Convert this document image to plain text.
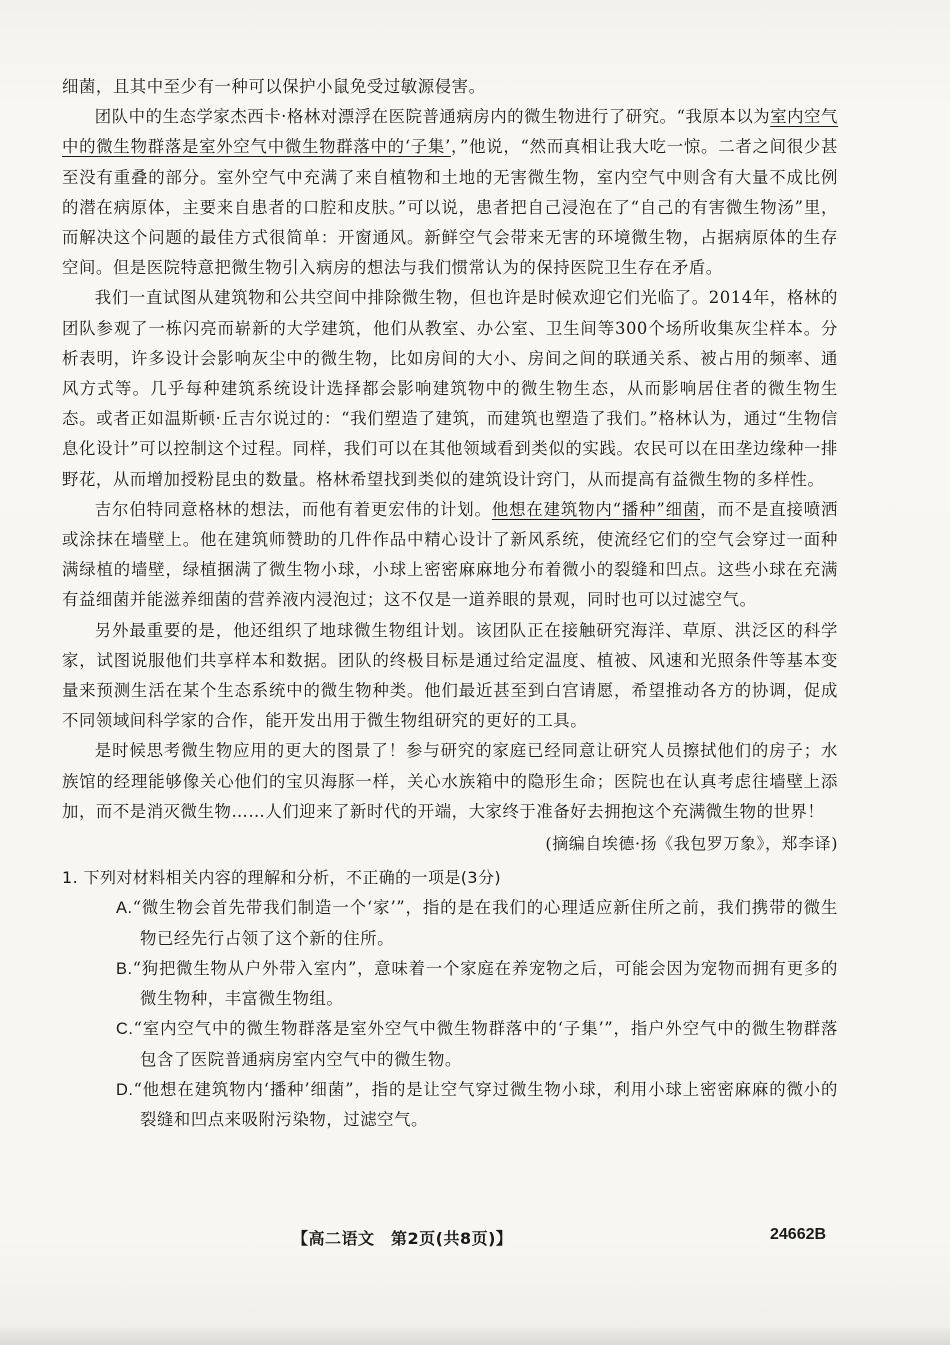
细菌，且其中至少有一种可以保护小鼠免受过敏源侵害。

团队中的生态学家杰西卡·格林对漂浮在医院普通病房内的微生物进行了研究。“我原本以为室内空气中的微生物群落是室外空气中微生物群落中的‘子集’，”他说，“然而真相让我大吃一惊。二者之间很少甚至没有重叠的部分。室外空气中充满了来自植物和土地的无害微生物，室内空气中则含有大量不成比例的潜在病原体，主要来自患者的口腔和皮肤。”可以说，患者把自己浸泡在了“自己的有害微生物汤”里，而解决这个问题的最佳方式很简单：开窗通风。新鲜空气会带来无害的环境微生物，占据病原体的生存空间。但是医院特意把微生物引入病房的想法与我们惯常认为的保持医院卫生存在矛盾。

我们一直试图从建筑物和公共空间中排除微生物，但也许是时候欢迎它们光临了。2014年，格林的团队参观了一栋闪亮而崭新的大学建筑，他们从教室、办公室、卫生间等300个场所收集灰尘样本。分析表明，许多设计会影响灰尘中的微生物，比如房间的大小、房间之间的联通关系、被占用的频率、通风方式等。几乎每种建筑系统设计选择都会影响建筑物中的微生物生态，从而影响居住者的微生物生态。或者正如温斯顿·丘吉尔说过的：“我们塑造了建筑，而建筑也塑造了我们。”格林认为，通过“生物信息化设计”可以控制这个过程。同样，我们可以在其他领域看到类似的实践。农民可以在田垄边缘种一排野花，从而增加授粉昆虫的数量。格林希望找到类似的建筑设计窍门，从而提高有益微生物的多样性。

吉尔伯特同意格林的想法，而他有着更宏伟的计划。他想在建筑物内“播种”细菌，而不是直接喷洒或涂抹在墙壁上。他在建筑师赞助的几件作品中精心设计了新风系统，使流经它们的空气会穿过一面种满绿植的墙壁，绿植捆满了微生物小球，小球上密密麻麻地分布着微小的裂缝和凹点。这些小球在充满有益细菌并能滋养细菌的营养液内浸泡过；这不仅是一道养眼的景观，同时也可以过滤空气。

另外最重要的是，他还组织了地球微生物组计划。该团队正在接触研究海洋、草原、洪泛区的科学家，试图说服他们共享样本和数据。团队的终极目标是通过给定温度、植被、风速和光照条件等基本变量来预测生活在某个生态系统中的微生物种类。他们最近甚至到白宫请愿，希望推动各方的协调，促成不同领域间科学家的合作，能开发出用于微生物组研究的更好的工具。

是时候思考微生物应用的更大的图景了！参与研究的家庭已经同意让研究人员擦拭他们的房子；水族馆的经理能够像关心他们的宝贝海豚一样，关心水族箱中的隐形生命；医院也在认真考虑往墙壁上添加，而不是消灭微生物……人们迎来了新时代的开端，大家终于准备好去拥抱这个充满微生物的世界！

(摘编自埃德·扬《我包罗万象》，郑李译)

1. 下列对材料相关内容的理解和分析，不正确的一项是(3分)

A.“微生物会首先带我们制造一个‘家’”，指的是在我们的心理适应新住所之前，我们携带的微生物已经先行占领了这个新的住所。

B.“狗把微生物从户外带入室内”，意味着一个家庭在养宠物之后，可能会因为宠物而拥有更多的微生物种，丰富微生物组。

C.“室内空气中的微生物群落是室外空气中微生物群落中的‘子集’”，指户外空气中的微生物群落包含了医院普通病房室内空气中的微生物。

D.“他想在建筑物内‘播种’细菌”，指的是让空气穿过微生物小球，利用小球上密密麻麻的微小的裂缝和凹点来吸附污染物，过滤空气。

【高二语文　第2页(共8页)】	24662B
